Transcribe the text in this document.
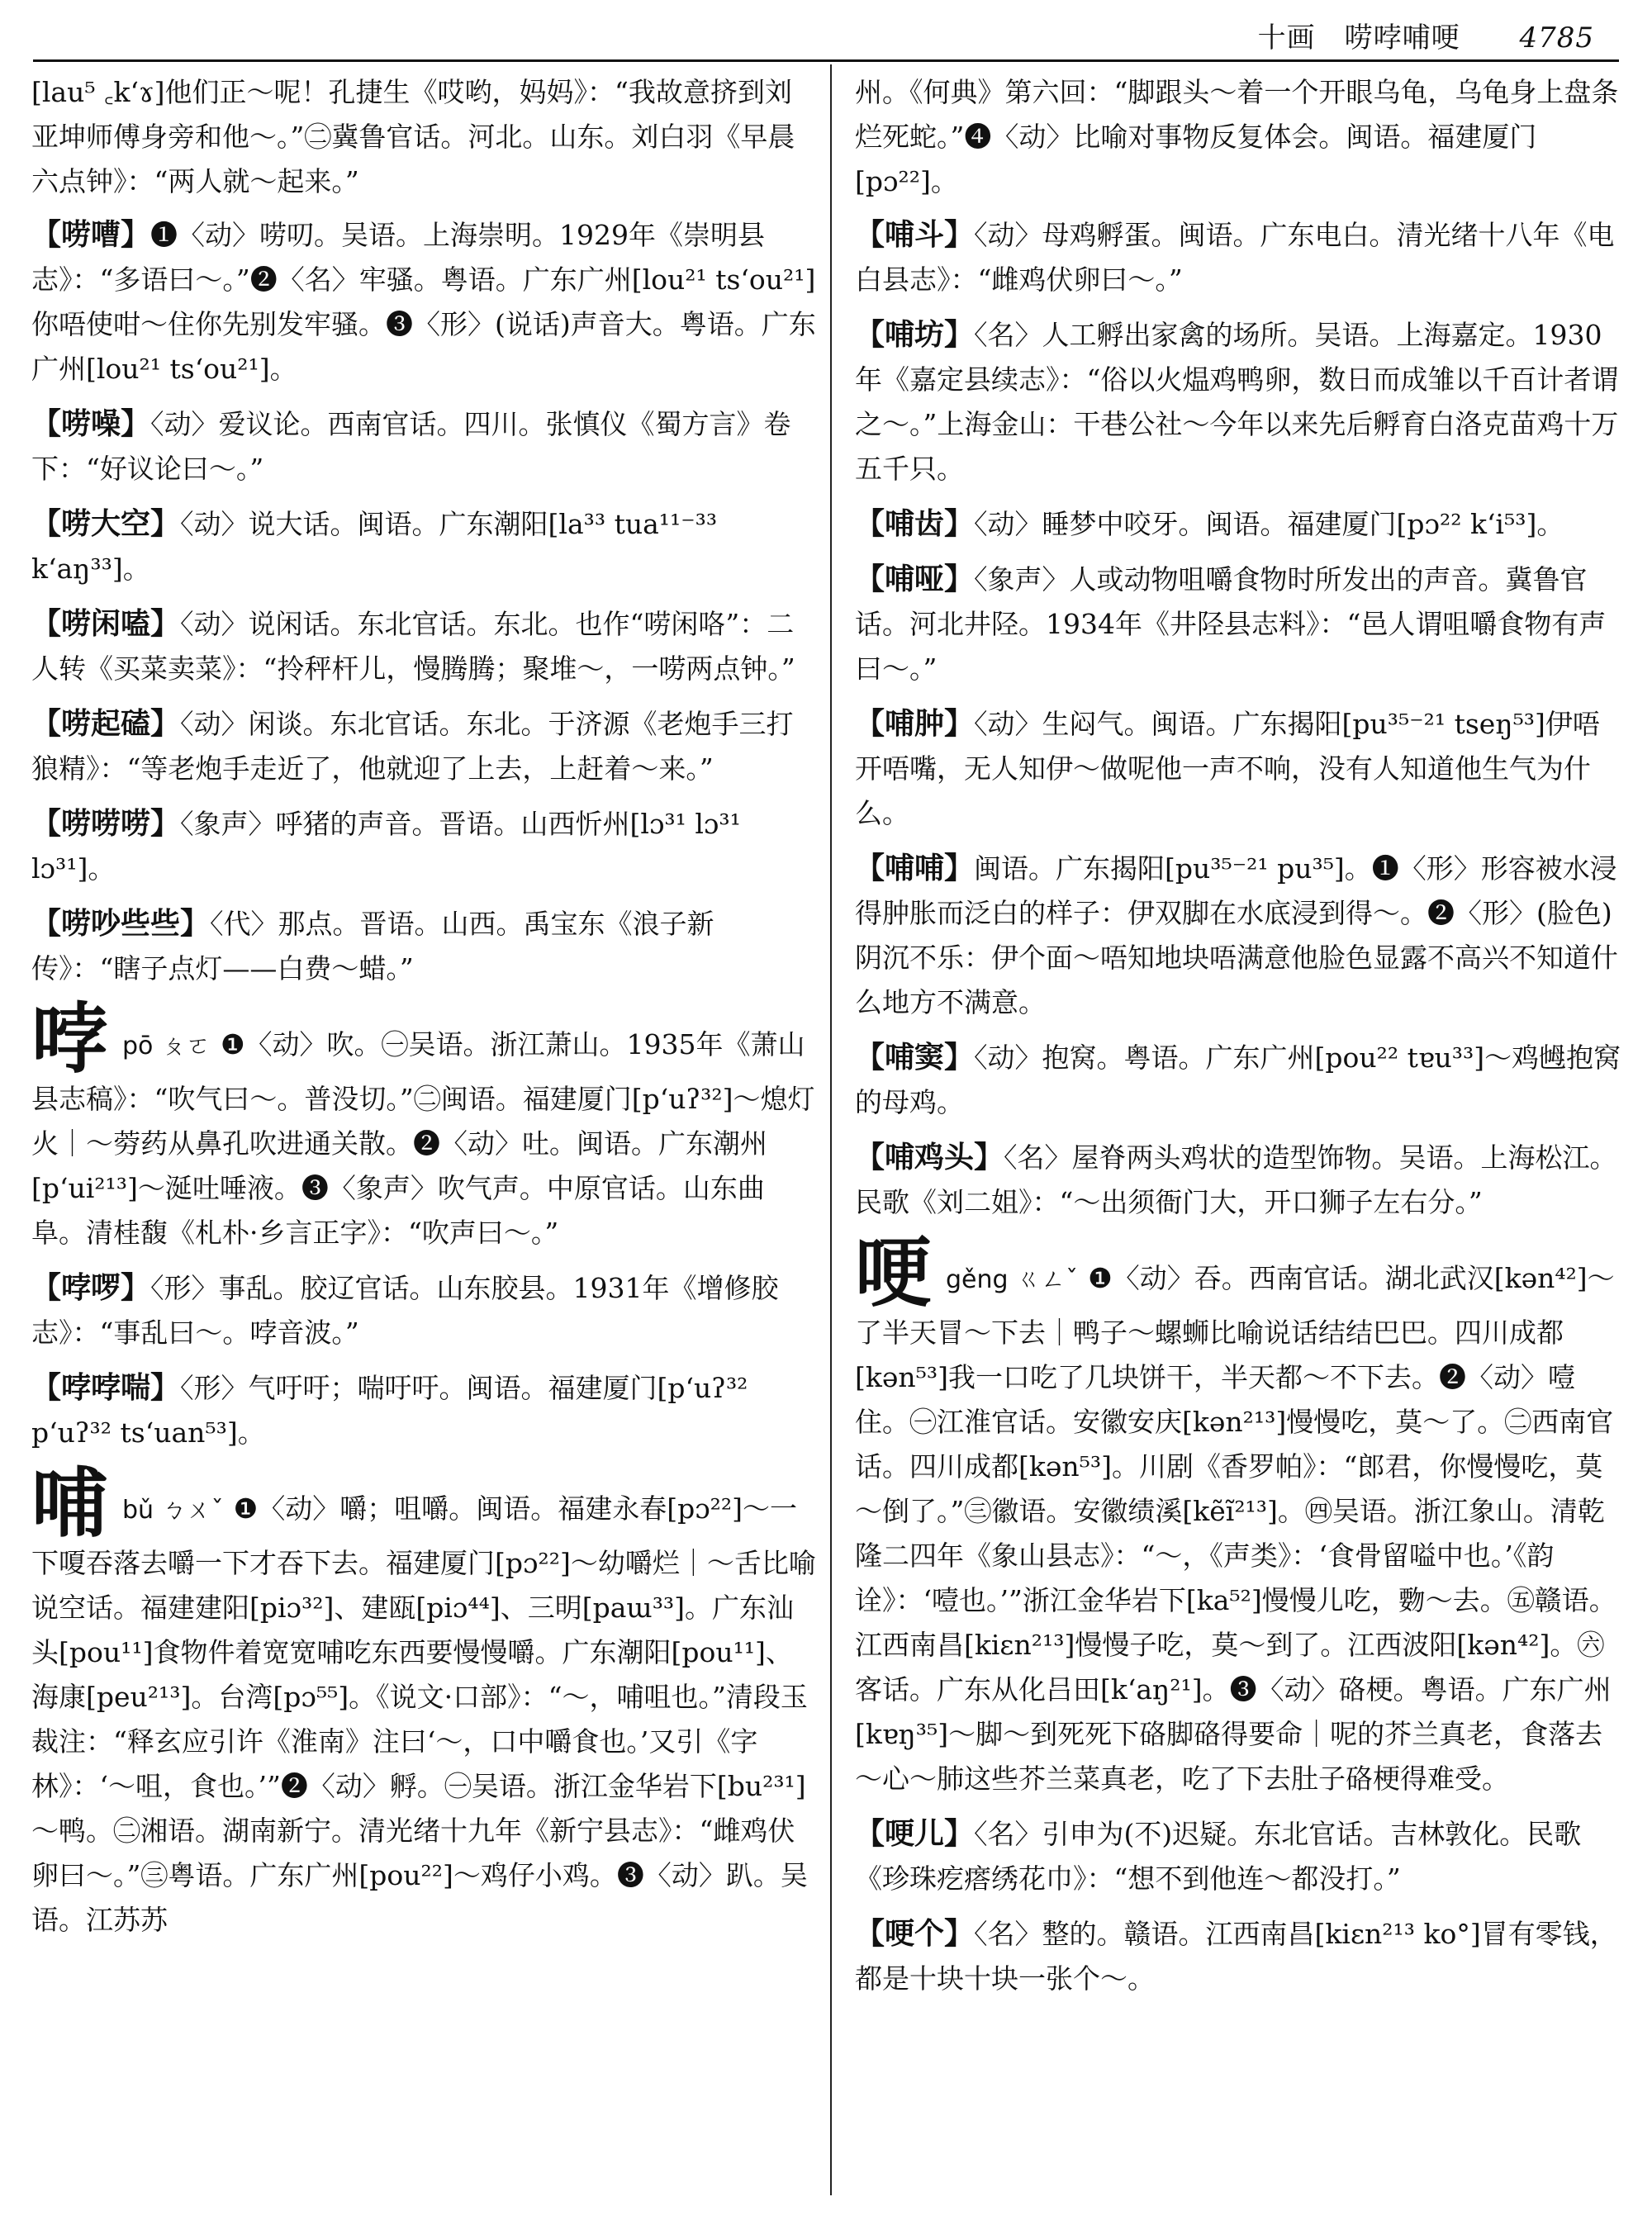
十画　唠哱哺哽 4785
[lau⁵ ꜀kʻɤ]他们正～呢！孔捷生《哎哟，妈妈》：“我故意挤到刘亚坤师傅身旁和他～。”㊁冀鲁官话。河北。山东。刘白羽《早晨六点钟》：“两人就～起来。”
【唠嘈】❶〈动〉唠叨。吴语。上海崇明。1929年《崇明县志》：“多语曰～。”❷〈名〉牢骚。粤语。广东广州[lou²¹ tsʻou²¹]你唔使咁～住你先别发牢骚。❸〈形〉(说话)声音大。粤语。广东广州[lou²¹ tsʻou²¹]。
【唠噪】〈动〉爱议论。西南官话。四川。张慎仪《蜀方言》卷下：“好议论曰～。”
【唠大空】〈动〉说大话。闽语。广东潮阳[la³³ tua¹¹⁻³³ kʻaŋ³³]。
【唠闲嗑】〈动〉说闲话。东北官话。东北。也作“唠闲咯”：二人转《买菜卖菜》：“拎秤杆儿，慢腾腾；聚堆～，一唠两点钟。”
【唠起磕】〈动〉闲谈。东北官话。东北。于济源《老炮手三打狼精》：“等老炮手走近了，他就迎了上去，上赶着～来。”
【唠唠唠】〈象声〉呼猪的声音。晋语。山西忻州[lɔ³¹ lɔ³¹ lɔ³¹]。
【唠吵些些】〈代〉那点。晋语。山西。禹宝东《浪子新传》：“瞎子点灯——白费～蜡。”
哱pō ㄆㄛ ❶〈动〉吹。㊀吴语。浙江萧山。1935年《萧山县志稿》：“吹气曰～。普没切。”㊁闽语。福建厦门[pʻuʔ³²]～熄灯火｜～䓖药从鼻孔吹进通关散。❷〈动〉吐。闽语。广东潮州[pʻui²¹³]～涎吐唾液。❸〈象声〉吹气声。中原官话。山东曲阜。清桂馥《札朴·乡言正字》：“吹声曰～。”
【哱啰】〈形〉事乱。胶辽官话。山东胶县。1931年《增修胶志》：“事乱曰～。哱音波。”
【哱哱喘】〈形〉气吁吁；喘吁吁。闽语。福建厦门[pʻuʔ³² pʻuʔ³² tsʻuan⁵³]。
哺bǔ ㄅㄨˇ ❶〈动〉嚼；咀嚼。闽语。福建永春[pɔ²²]～一下嗄吞落去嚼一下才吞下去。福建厦门[pɔ²²]～幼嚼烂｜～舌比喻说空话。福建建阳[piɔ³²]、建瓯[piɔ⁴⁴]、三明[paɯ³³]。广东汕头[pou¹¹]食物件着宽宽哺吃东西要慢慢嚼。广东潮阳[pou¹¹]、海康[peu²¹³]。台湾[pɔ⁵⁵]。《说文·口部》：“～，哺咀也。”清段玉裁注：“释玄应引许《淮南》注曰‘～，口中嚼食也。’又引《字林》：‘～咀，食也。’”❷〈动〉孵。㊀吴语。浙江金华岩下[bu²³¹]～鸭。㊁湘语。湖南新宁。清光绪十九年《新宁县志》：“雌鸡伏卵曰～。”㊂粤语。广东广州[pou²²]～鸡仔小鸡。❸〈动〉趴。吴语。江苏苏
州。《何典》第六回：“脚跟头～着一个开眼乌龟，乌龟身上盘条烂死蛇。”❹〈动〉比喻对事物反复体会。闽语。福建厦门[pɔ²²]。
【哺斗】〈动〉母鸡孵蛋。闽语。广东电白。清光绪十八年《电白县志》：“雌鸡伏卵曰～。”
【哺坊】〈名〉人工孵出家禽的场所。吴语。上海嘉定。1930年《嘉定县续志》：“俗以火煴鸡鸭卵，数日而成雏以千百计者谓之～。”上海金山：干巷公社～今年以来先后孵育白洛克苗鸡十万五千只。
【哺齿】〈动〉睡梦中咬牙。闽语。福建厦门[pɔ²² kʻi⁵³]。
【哺哑】〈象声〉人或动物咀嚼食物时所发出的声音。冀鲁官话。河北井陉。1934年《井陉县志料》：“邑人谓咀嚼食物有声曰～。”
【哺肿】〈动〉生闷气。闽语。广东揭阳[pu³⁵⁻²¹ tseŋ⁵³]伊唔开唔嘴，无人知伊～做呢他一声不响，没有人知道他生气为什么。
【哺哺】闽语。广东揭阳[pu³⁵⁻²¹ pu³⁵]。❶〈形〉形容被水浸得肿胀而泛白的样子：伊双脚在水底浸到得～。❷〈形〉(脸色)阴沉不乐：伊个面～唔知地块唔满意他脸色显露不高兴不知道什么地方不满意。
【哺窦】〈动〉抱窝。粤语。广东广州[pou²² tɐu³³]～鸡乸抱窝的母鸡。
【哺鸡头】〈名〉屋脊两头鸡状的造型饰物。吴语。上海松江。民歌《刘二姐》：“～出须衙门大，开口狮子左右分。”
哽gěng ㄍㄥˇ ❶〈动〉吞。西南官话。湖北武汉[kən⁴²]～了半天冒～下去｜鸭子～螺蛳比喻说话结结巴巴。四川成都[kən⁵³]我一口吃了几块饼干，半天都～不下去。❷〈动〉噎住。㊀江淮官话。安徽安庆[kən²¹³]慢慢吃，莫～了。㊁西南官话。四川成都[kən⁵³]。川剧《香罗帕》：“郎君，你慢慢吃，莫～倒了。”㊂徽语。安徽绩溪[kẽĩ²¹³]。㊃吴语。浙江象山。清乾隆二四年《象山县志》：“～，《声类》：‘食骨留嗌中也。’《韵诠》：‘噎也。’”浙江金华岩下[ka⁵²]慢慢儿吃，覅～去。㊄赣语。江西南昌[kiɛn²¹³]慢慢子吃，莫～到了。江西波阳[kən⁴²]。㊅客话。广东从化吕田[kʻaŋ²¹]。❸〈动〉硌梗。粤语。广东广州[kɐŋ³⁵]～脚～到死死下硌脚硌得要命｜呢的芥兰真老，食落去～心～肺这些芥兰菜真老，吃了下去肚子硌梗得难受。
【哽儿】〈名〉引申为(不)迟疑。东北官话。吉林敦化。民歌《珍珠疙瘩绣花巾》：“想不到他连～都没打。”
【哽个】〈名〉整的。赣语。江西南昌[kiɛn²¹³ ko°]冒有零钱，都是十块十块一张个～。
